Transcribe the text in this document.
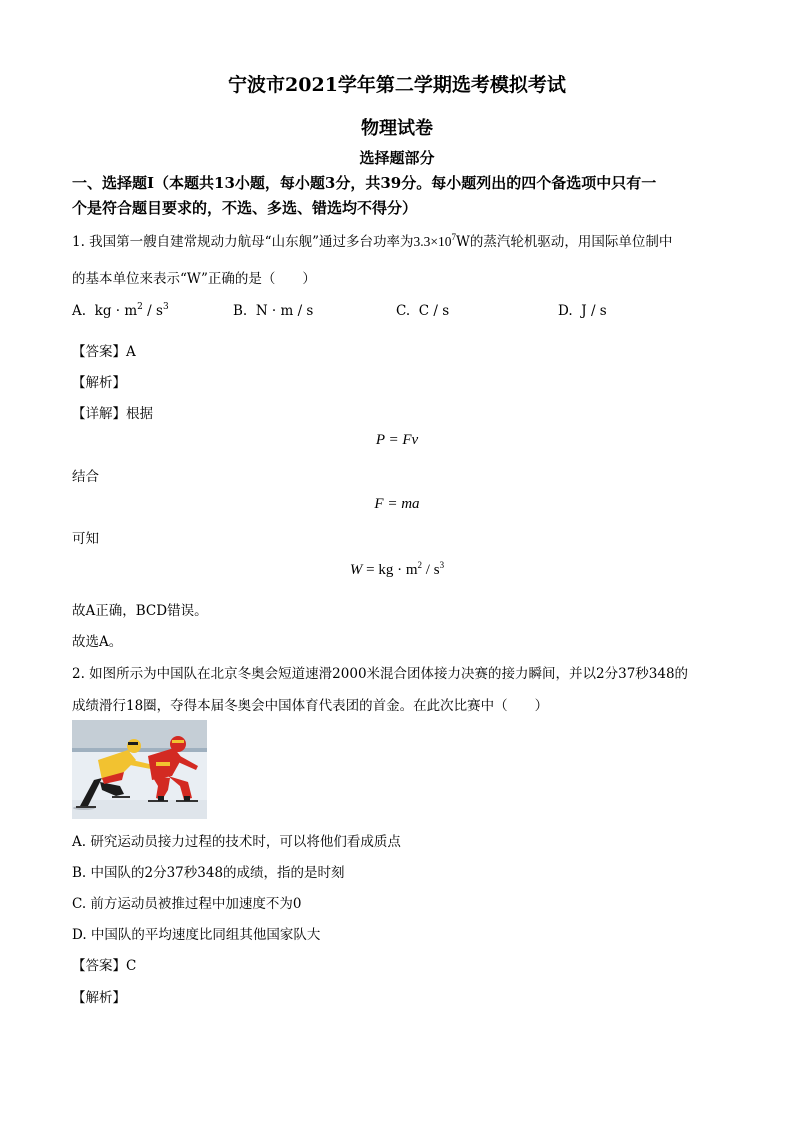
宁波市2021学年第二学期选考模拟考试
物理试卷
选择题部分
一、选择题Ⅰ（本题共13小题，每小题3分，共39分。每小题列出的四个备选项中只有一
个是符合题目要求的，不选、多选、错选均不得分）
1. 我国第一艘自建常规动力航母“山东舰”通过多台功率为$3.3\times 10^7W$的蒸汽轮机驱动，用国际单位制中
的基本单位来表示“W”正确的是（　　）
A. kg · $m^2 / s^3$	B. N · m / s	C. C / s	D. J / s
【答案】A
【解析】
【详解】根据
P = Fv
结合
F = ma
可知
W = kg · $m^2 / s^3$
故A正确，BCD错误。
故选A。
2. 如图所示为中国队在北京冬奥会短道速滑2000米混合团体接力决赛的接力瞬间，并以2分37秒348的
成绩滑行18圈，夺得本届冬奥会中国体育代表团的首金。在此次比赛中（　　）
A. 研究运动员接力过程的技术时，可以将他们看成质点
B. 中国队的2分37秒348的成绩，指的是时刻
C. 前方运动员被推过程中加速度不为0
D. 中国队的平均速度比同组其他国家队大
【答案】C
【解析】
